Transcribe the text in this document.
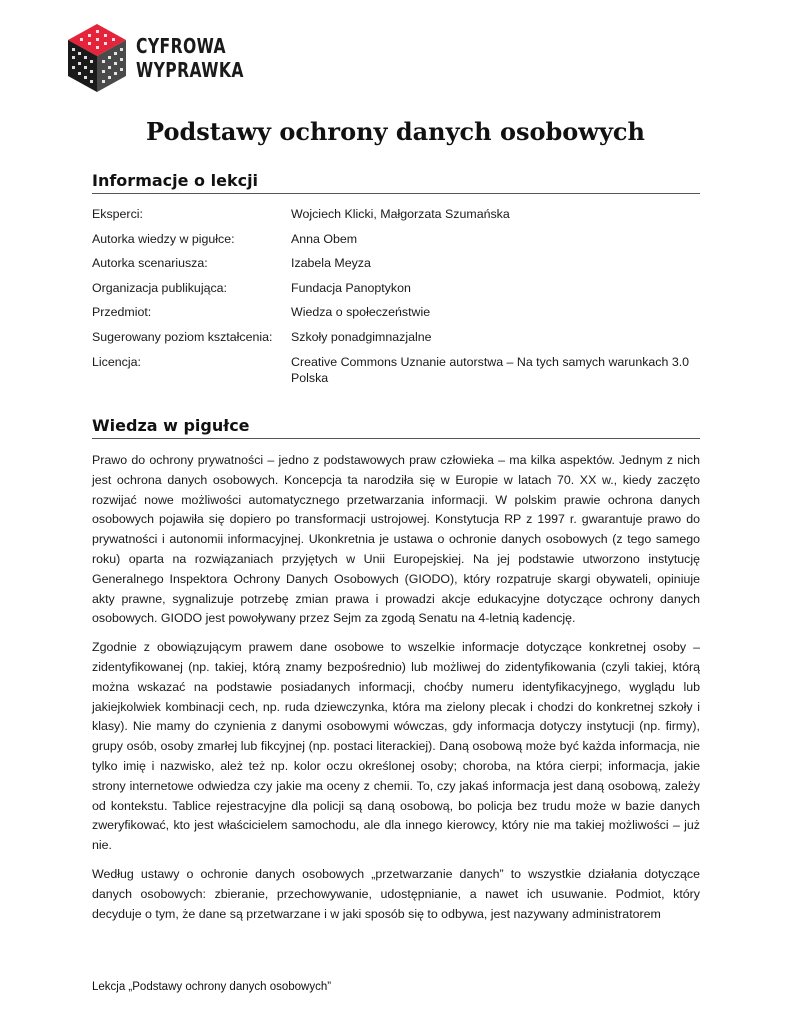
CYFROWA
WYPRAWKA
Podstawy ochrony danych osobowych
Informacje o lekcji
Eksperci:	Wojciech Klicki, Małgorzata Szumańska
Autorka wiedzy w pigułce:	Anna Obem
Autorka scenariusza:	Izabela Meyza
Organizacja publikująca:	Fundacja Panoptykon
Przedmiot:	Wiedza o społeczeństwie
Sugerowany poziom kształcenia:	Szkoły ponadgimnazjalne
Licencja:	Creative Commons Uznanie autorstwa – Na tych samych warunkach 3.0 Polska
Wiedza w pigułce

Prawo do ochrony prywatności – jedno z podstawowych praw człowieka – ma kilka aspektów. Jednym z nich jest ochrona danych osobowych. Koncepcja ta narodziła się w Europie w latach 70. XX w., kiedy zaczęto rozwijać nowe możliwości automatycznego przetwarzania informacji. W polskim prawie ochrona danych osobowych pojawiła się dopiero po transformacji ustrojowej. Konstytucja RP z 1997 r. gwarantuje prawo do prywatności i autonomii informacyjnej. Ukonkretnia je ustawa o ochronie danych osobowych (z tego samego roku) oparta na rozwiązaniach przyjętych w Unii Europejskiej. Na jej podstawie utworzono instytucję Generalnego Inspektora Ochrony Danych Osobowych (GIODO), który rozpatruje skargi obywateli, opiniuje akty prawne, sygnalizuje potrzebę zmian prawa i prowadzi akcje edukacyjne dotyczące ochrony danych osobowych. GIODO jest powoływany przez Sejm za zgodą Senatu na 4-letnią kadencję.

Zgodnie z obowiązującym prawem dane osobowe to wszelkie informacje dotyczące konkretnej osoby – zidentyfikowanej (np. takiej, którą znamy bezpośrednio) lub możliwej do zidentyfikowania (czyli takiej, którą można wskazać na podstawie posiadanych informacji, choćby numeru identyfikacyjnego, wyglądu lub jakiejkolwiek kombinacji cech, np. ruda dziewczynka, która ma zielony plecak i chodzi do konkretnej szkoły i klasy). Nie mamy do czynienia z danymi osobowymi wówczas, gdy informacja dotyczy instytucji (np. firmy), grupy osób, osoby zmarłej lub fikcyjnej (np. postaci literackiej). Daną osobową może być każda informacja, nie tylko imię i nazwisko, ależ też np. kolor oczu określonej osoby; choroba, na która cierpi; informacja, jakie strony internetowe odwiedza czy jakie ma oceny z chemii. To, czy jakaś informacja jest daną osobową, zależy od kontekstu. Tablice rejestracyjne dla policji są daną osobową, bo policja bez trudu może w bazie danych zweryfikować, kto jest właścicielem samochodu, ale dla innego kierowcy, który nie ma takiej możliwości – już nie.

Według ustawy o ochronie danych osobowych „przetwarzanie danych” to wszystkie działania dotyczące danych osobowych: zbieranie, przechowywanie, udostępnianie, a nawet ich usuwanie. Podmiot, który decyduje o tym, że dane są przetwarzane i w jaki sposób się to odbywa, jest nazywany administratorem

Lekcja „Podstawy ochrony danych osobowych”
